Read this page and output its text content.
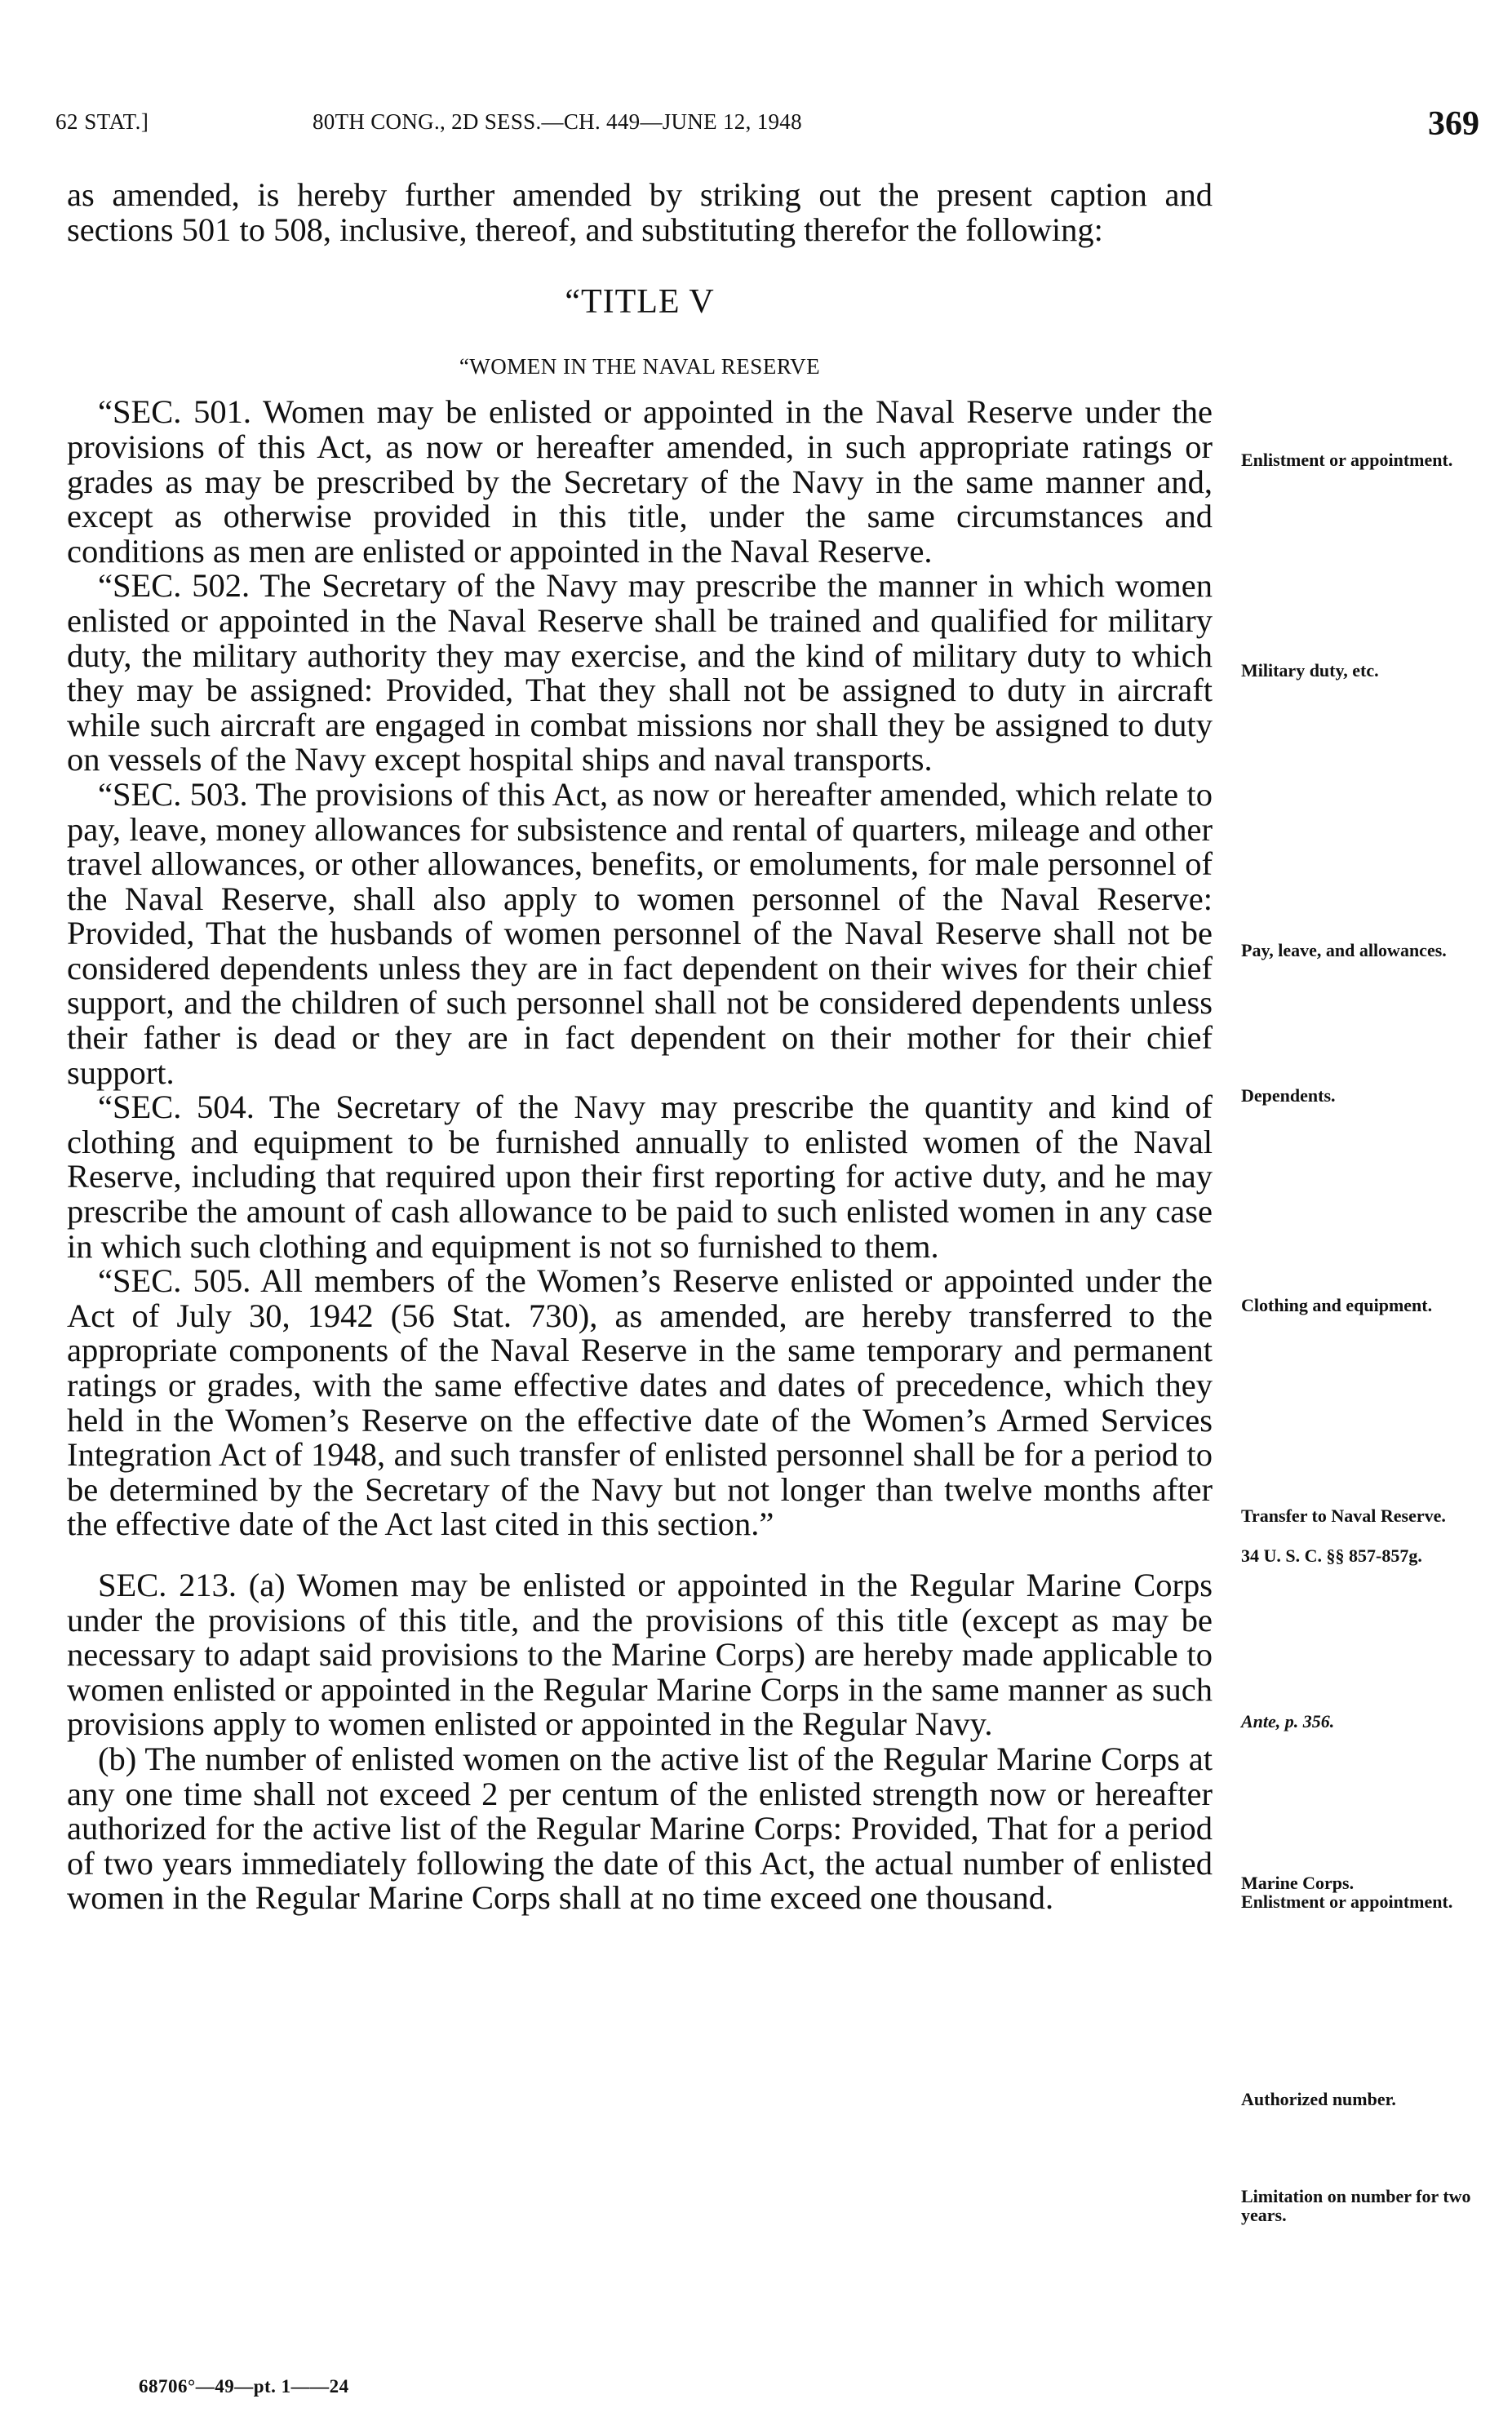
62 STAT.]	80TH CONG., 2D SESS.—CH. 449—JUNE 12, 1948	369

as amended, is hereby further amended by striking out the present caption and sections 501 to 508, inclusive, thereof, and substituting therefor the following:

“TITLE V

“WOMEN IN THE NAVAL RESERVE

“SEC. 501. Women may be enlisted or appointed in the Naval Reserve under the provisions of this Act, as now or hereafter amended, in such appropriate ratings or grades as may be prescribed by the Secretary of the Navy in the same manner and, except as otherwise provided in this title, under the same circumstances and conditions as men are enlisted or appointed in the Naval Reserve.

“SEC. 502. The Secretary of the Navy may prescribe the manner in which women enlisted or appointed in the Naval Reserve shall be trained and qualified for military duty, the military authority they may exercise, and the kind of military duty to which they may be assigned: Provided, That they shall not be assigned to duty in aircraft while such aircraft are engaged in combat missions nor shall they be assigned to duty on vessels of the Navy except hospital ships and naval transports.

“SEC. 503. The provisions of this Act, as now or hereafter amended, which relate to pay, leave, money allowances for subsistence and rental of quarters, mileage and other travel allowances, or other allowances, benefits, or emoluments, for male personnel of the Naval Reserve, shall also apply to women personnel of the Naval Reserve: Provided, That the husbands of women personnel of the Naval Reserve shall not be considered dependents unless they are in fact dependent on their wives for their chief support, and the children of such personnel shall not be considered dependents unless their father is dead or they are in fact dependent on their mother for their chief support.

“SEC. 504. The Secretary of the Navy may prescribe the quantity and kind of clothing and equipment to be furnished annually to enlisted women of the Naval Reserve, including that required upon their first reporting for active duty, and he may prescribe the amount of cash allowance to be paid to such enlisted women in any case in which such clothing and equipment is not so furnished to them.

“SEC. 505. All members of the Women’s Reserve enlisted or appointed under the Act of July 30, 1942 (56 Stat. 730), as amended, are hereby transferred to the appropriate components of the Naval Reserve in the same temporary and permanent ratings or grades, with the same effective dates and dates of precedence, which they held in the Women’s Reserve on the effective date of the Women’s Armed Services Integration Act of 1948, and such transfer of enlisted personnel shall be for a period to be determined by the Secretary of the Navy but not longer than twelve months after the effective date of the Act last cited in this section.”

SEC. 213. (a) Women may be enlisted or appointed in the Regular Marine Corps under the provisions of this title, and the provisions of this title (except as may be necessary to adapt said provisions to the Marine Corps) are hereby made applicable to women enlisted or appointed in the Regular Marine Corps in the same manner as such provisions apply to women enlisted or appointed in the Regular Navy.

(b) The number of enlisted women on the active list of the Regular Marine Corps at any one time shall not exceed 2 per centum of the enlisted strength now or hereafter authorized for the active list of the Regular Marine Corps: Provided, That for a period of two years immediately following the date of this Act, the actual number of enlisted women in the Regular Marine Corps shall at no time exceed one thousand.

Enlistment or appointment.
Military duty, etc.
Pay, leave, and allowances.
Dependents.
Clothing and equipment.
Transfer to Naval Reserve.
34 U. S. C. §§ 857-857g.
Ante, p. 356.
Marine Corps.
Enlistment or appointment.
Authorized number.
Limitation on number for two years.
68706°—49—pt. 1——24
